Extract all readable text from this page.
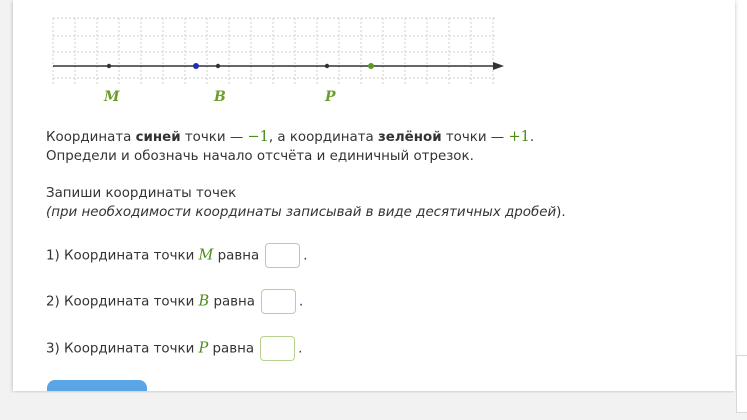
M	B	P
Координата синей точки — −1, а координата зелёной точки — +1.
Определи и обозначь начало отсчёта и единичный отрезок.
Запиши координаты точек
(при необходимости координаты записывай в виде десятичных дробей).
1) Координата точки M равна	.
2) Координата точки B равна	.
3) Координата точки P равна	.
